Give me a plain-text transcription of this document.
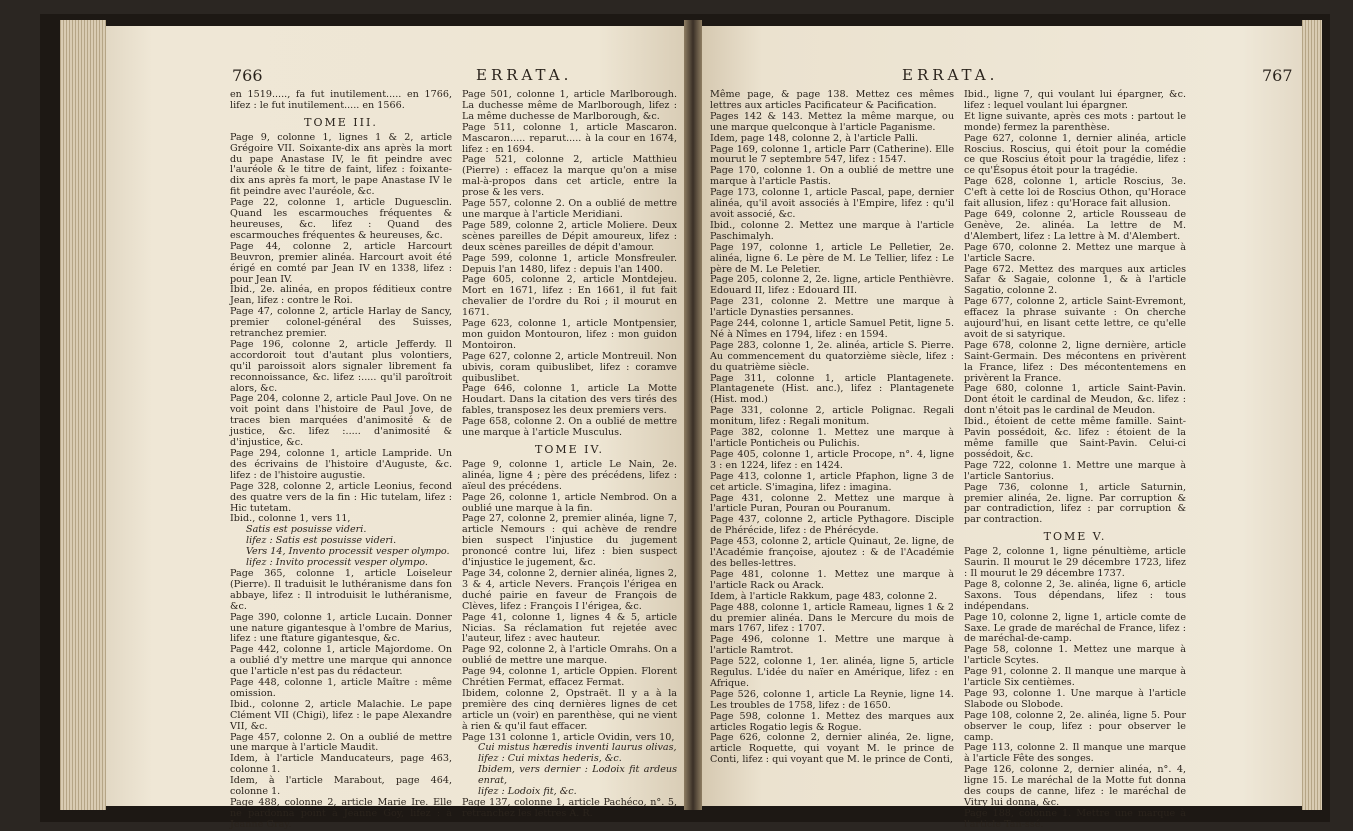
766	ERRATA.

en 1519....., fa fut inutilement..... en 1766, lifez : le fut inutilement..... en 1566.

TOME III.

Page 9, colonne 1, lignes 1 & 2, article Grégoire VII. Soixante-dix ans après la mort du pape Anastase IV, le fit peindre avec l'auréole & le titre de faint, lifez : foixante-dix ans après fa mort, le pape Anastase IV le fit peindre avec l'auréole, &c.

Page 22, colonne 1, article Duguesclin. Quand les escarmouches fréquentes & heureuses, &c. lifez : Quand des escarmouches fréquentes & heureuses, &c.

Page 44, colonne 2, article Harcourt Beuvron, premier alinéa. Harcourt avoit été érigé en comté par Jean IV en 1338, lifez : pour Jean IV.

Ibid., 2e. alinéa, en propos féditieux contre Jean, lifez : contre le Roi.

Page 47, colonne 2, article Harlay de Sancy, premier colonel-général des Suisses, retranchez premier.

Page 196, colonne 2, article Jefferdy. Il accordoroit tout d'autant plus volontiers, qu'il paroissoit alors signaler librement fa reconnoissance, &c. lifez :..... qu'il paroîtroit alors, &c.

Page 204, colonne 2, article Paul Jove. On ne voit point dans l'histoire de Paul Jove, de traces bien marquées d'animosité & de justice, &c. lifez :..... d'animosité & d'injustice, &c.

Page 294, colonne 1, article Lampride. Un des écrivains de l'histoire d'Auguste, &c. lifez : de l'histoire augustie.

Page 328, colonne 2, article Leonius, fecond des quatre vers de la fin : Hic tutelam, lifez : Hic tutetam.

Ibid., colonne 1, vers 11,

Satis est posuisse videri.

lifez : Satis est posuisse videri.

Vers 14, Invento processit vesper olympo.

lifez : Invito processit vesper olympo.

Page 365, colonne 1, article Loiseleur (Pierre). Il traduisit le luthéranisme dans fon abbaye, lifez : Il introduisit le luthéranisme, &c.

Page 390, colonne 1, article Lucain. Donner une nature gigantesque à l'ombre de Marius, lifez : une ftature gigantesque, &c.

Page 442, colonne 1, article Majordome. On a oublié d'y mettre une marque qui annonce que l'article n'est pas du rédacteur.

Page 448, colonne 1, article Maître : même omission.

Ibid., colonne 2, article Malachie. Le pape Clément VII (Chigi), lifez : le pape Alexandre VII, &c.

Page 457, colonne 2. On a oublié de mettre une marque à l'article Maudit.

Idem, à l'article Manducateurs, page 463, colonne 1.

Idem, à l'article Marabout, page 464, colonne 1.

Page 488, colonne 2, article Marie Ire. Elle ne pardonna point à Jeanne Goy, lifez : à Jeanne Gray.

Page 501, colonne 1, article Marlborough. La duchesse même de Marlborough, lifez : La même duchesse de Marlborough, &c.

Page 511, colonne 1, article Mascaron. Mascaron..... reparut..... à la cour en 1674, lifez : en 1694.

Page 521, colonne 2, article Matthieu (Pierre) : effacez la marque qu'on a mise mal-à-propos dans cet article, entre la prose & les vers.

Page 557, colonne 2. On a oublié de mettre une marque à l'article Meridiani.

Page 589, colonne 2, article Moliere. Deux scènes pareilles de Dépit amoureux, lifez : deux scènes pareilles de dépit d'amour.

Page 599, colonne 1, article Monsfreuler. Depuis l'an 1480, lifez : depuis l'an 1400.

Page 605, colonne 2, article Montdejeu. Mort en 1671, lifez : En 1661, il fut fait chevalier de l'ordre du Roi ; il mourut en 1671.

Page 623, colonne 1, article Montpensier, mon guidon Montouron, lifez : mon guidon Montoiron.

Page 627, colonne 2, article Montreuil. Non ubivis, coram quibuslibet, lifez : coramve quibuslibet.

Page 646, colonne 1, article La Motte Houdart. Dans la citation des vers tirés des fables, transposez les deux premiers vers.

Page 658, colonne 2. On a oublié de mettre une marque à l'article Musculus.

TOME IV.

Page 9, colonne 1, article Le Nain, 2e. alinéa, ligne 4 ; père des précédens, lifez : aïeul des précédens.

Page 26, colonne 1, article Nembrod. On a oublié une marque à la fin.

Page 27, colonne 2, premier alinéa, ligne 7, article Nemours : qui achève de rendre bien suspect l'injustice du jugement prononcé contre lui, lifez : bien suspect d'injustice le jugement, &c.

Page 34, colonne 2, dernier alinéa, lignes 2, 3 & 4, article Nevers. François l'érigea en duché pairie en faveur de François de Clèves, lifez : François I l'érigea, &c.

Page 41, colonne 1, lignes 4 & 5, article Nicias. Sa réclamation fut rejetée avec l'auteur, lifez : avec hauteur.

Page 92, colonne 2, à l'article Omrahs. On a oublié de mettre une marque.

Page 94, colonne 1, article Oppien. Florent Chrétien Fermat, effacez Fermat.

Ibidem, colonne 2, Opstraët. Il y a à la première des cinq dernières lignes de cet article un (voir) en parenthèse, qui ne vient à rien & qu'il faut effacer.

Page 131 colonne 1, article Ovidin, vers 10,

Cui mistus hæredis inventi laurus olivas,

lifez : Cui mixtas hederis, &c.

Ibidem, vers dernier : Lodoix fit ardeus enrat,

lifez : Lodoix fit, &c.

Page 137, colonne 1, article Pachéco, n°. 5, retranchez les lettres A. R.

ERRATA.	767

Même page, & page 138. Mettez ces mêmes lettres aux articles Pacificateur & Pacification.

Pages 142 & 143. Mettez la même marque, ou une marque quelconque à l'article Paganisme.

Idem, page 148, colonne 2, à l'article Palli.

Page 169, colonne 1, article Parr (Catherine). Elle mourut le 7 septembre 547, lifez : 1547.

Page 170, colonne 1. On a oublié de mettre une marque à l'article Pastis.

Page 173, colonne 1, article Pascal, pape, dernier alinéa, qu'il avoit associés à l'Empire, lifez : qu'il avoit associé, &c.

Ibid., colonne 2. Mettez une marque à l'article Paschimalyh.

Page 197, colonne 1, article Le Pelletier, 2e. alinéa, ligne 6. Le père de M. Le Tellier, lifez : Le père de M. Le Peletier.

Page 205, colonne 2, 2e. ligne, article Penthièvre. Edouard II, lifez : Edouard III.

Page 231, colonne 2. Mettre une marque à l'article Dynasties persannes.

Page 244, colonne 1, article Samuel Petit, ligne 5. Né à Nîmes en 1794, lifez : en 1594.

Page 283, colonne 1, 2e. alinéa, article S. Pierre. Au commencement du quatorzième siècle, lifez : du quatrième siècle.

Page 311, colonne 1, article Plantagenete. Plantagenete (Hist. anc.), lifez : Plantagenete (Hist. mod.)

Page 331, colonne 2, article Polignac. Regali monitum, lifez : Regali monitum.

Page 382, colonne 1. Mettez une marque à l'article Ponticheis ou Pulichis.

Page 405, colonne 1, article Procope, n°. 4, ligne 3 : en 1224, lifez : en 1424.

Page 413, colonne 1, article Pfaphon, ligne 3 de cet article. S'imagina, lifez : imagina.

Page 431, colonne 2. Mettez une marque à l'article Puran, Pouran ou Pouranum.

Page 437, colonne 2, article Pythagore. Disciple de Phérécide, lifez : de Phérécyde.

Page 453, colonne 2, article Quinaut, 2e. ligne, de l'Académie françoise, ajoutez : & de l'Académie des belles-lettres.

Page 481, colonne 1. Mettez une marque à l'article Rack ou Arack.

Idem, à l'article Rakkum, page 483, colonne 2.

Page 488, colonne 1, article Rameau, lignes 1 & 2 du premier alinéa. Dans le Mercure du mois de mars 1767, lifez : 1707.

Page 496, colonne 1. Mettre une marque à l'article Ramtrot.

Page 522, colonne 1, 1er. alinéa, ligne 5, article Regulus. L'idée du naïer en Amérique, lifez : en Afrique.

Page 526, colonne 1, article La Reynie, ligne 14. Les troubles de 1758, lifez : de 1650.

Page 598, colonne 1. Mettez des marques aux articles Rogatio legis & Rogue.

Page 626, colonne 2, dernier alinéa, 2e. ligne, article Roquette, qui voyant M. le prince de Conti, lifez : qui voyant que M. le prince de Conti,

Ibid., ligne 7, qui voulant lui épargner, &c. lifez : lequel voulant lui épargner.

Et ligne suivante, après ces mots : partout le monde) fermez la parenthèse.

Page 627, colonne 1, dernier alinéa, article Roscius. Roscius, qui étoit pour la comédie ce que Roscius étoit pour la tragédie, lifez : ce qu'Ésopus étoit pour la tragédie.

Page 628, colonne 1, article Roscius, 3e. C'eft à cette loi de Roscius Othon, qu'Horace fait allusion, lifez : qu'Horace fait allusion.

Page 649, colonne 2, article Rousseau de Genève, 2e. alinéa. La lettre de M. d'Alembert, lifez : La lettre à M. d'Alembert.

Page 670, colonne 2. Mettez une marque à l'article Sacre.

Page 672. Mettez des marques aux articles Safar & Sagaie, colonne 1, & à l'article Sagatio, colonne 2.

Page 677, colonne 2, article Saint-Evremont, effacez la phrase suivante : On cherche aujourd'hui, en lisant cette lettre, ce qu'elle avoit de si satyrique.

Page 678, colonne 2, ligne dernière, article Saint-Germain. Des mécontens en privèrent la France, lifez : Des mécontentemens en privèrent la France.

Page 680, colonne 1, article Saint-Pavin. Dont étoit le cardinal de Meudon, &c. lifez : dont n'étoit pas le cardinal de Meudon.

Ibid., étoient de cette même famille. Saint-Pavin possédoit, &c. lifez : étoient de la même famille que Saint-Pavin. Celui-ci possédoit, &c.

Page 722, colonne 1. Mettre une marque à l'article Santorius.

Page 736, colonne 1, article Saturnin, premier alinéa, 2e. ligne. Par corruption & par contradiction, lifez : par corruption & par contraction.

TOME V.

Page 2, colonne 1, ligne pénultième, article Saurin. Il mourut le 29 décembre 1723, lifez : Il mourut le 29 décembre 1737.

Page 8, colonne 2, 3e. alinéa, ligne 6, article Saxons. Tous dépendans, lifez : tous indépendans.

Page 10, colonne 2, ligne 1, article comte de Saxe. Le grade de maréchal de France, lifez : de maréchal-de-camp.

Page 58, colonne 1. Mettez une marque à l'article Scytes.

Page 91, colonne 2. Il manque une marque à l'article Six centièmes.

Page 93, colonne 1. Une marque à l'article Slabode ou Slobode.

Page 108, colonne 2, 2e. alinéa, ligne 5. Pour observer le coup, lifez : pour observer le camp.

Page 113, colonne 2. Il manque une marque à l'article Fête des songes.

Page 126, colonne 2, dernier alinéa, n°. 4, ligne 15. Le maréchal de la Motte fut donna des coups de canne, lifez : le maréchal de Vitry lui donna, &c.

Page 188, colonne 1. Mettre une marque à l'article Tan-ssé.
